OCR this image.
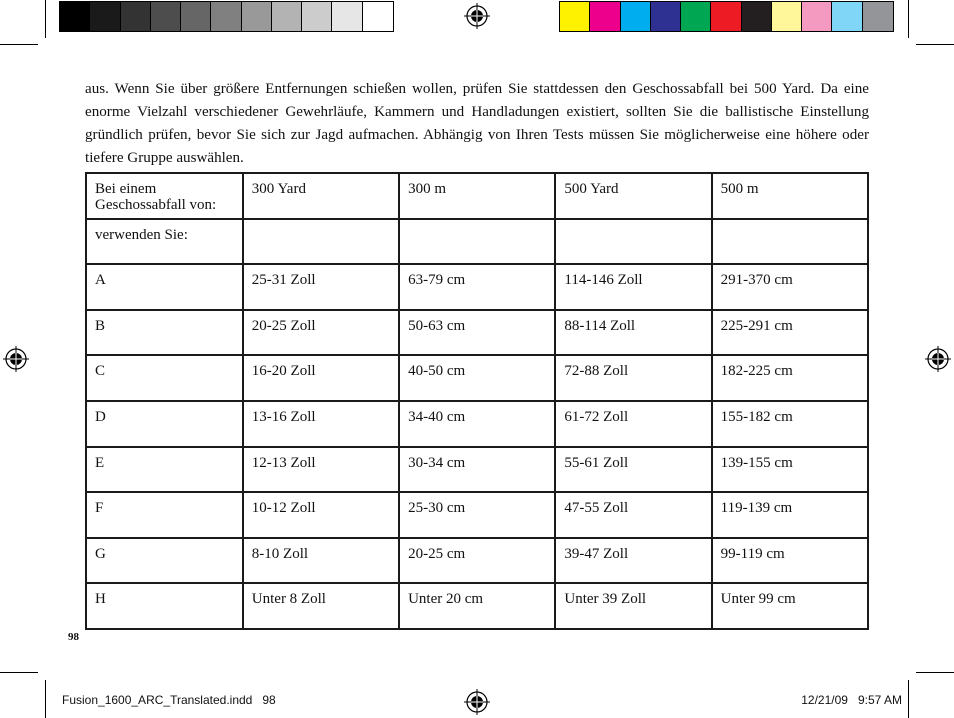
aus. Wenn Sie über größere Entfernungen schießen wollen, prüfen Sie stattdessen den Geschossabfall bei 500 Yard. Da eine enorme Vielzahl verschiedener Gewehrläufe, Kammern und Handladungen existiert, sollten Sie die ballistische Einstellung gründlich prüfen, bevor Sie sich zur Jagd aufmachen. Abhängig von Ihren Tests müssen Sie möglicherweise eine höhere oder tiefere Gruppe auswählen.

Bei einem Geschossabfall von:	300 Yard	300 m	500 Yard	500 m
verwenden Sie:				
A	25-31 Zoll	63-79 cm	114-146 Zoll	291-370 cm
B	20-25 Zoll	50-63 cm	88-114 Zoll	225-291 cm
C	16-20 Zoll	40-50 cm	72-88 Zoll	182-225 cm
D	13-16 Zoll	34-40 cm	61-72 Zoll	155-182 cm
E	12-13 Zoll	30-34 cm	55-61 Zoll	139-155 cm
F	10-12 Zoll	25-30 cm	47-55 Zoll	119-139 cm
G	8-10 Zoll	20-25 cm	39-47 Zoll	99-119 cm
H	Unter 8 Zoll	Unter 20 cm	Unter 39 Zoll	Unter 99 cm
98
Fusion_1600_ARC_Translated.indd   98	12/21/09   9:57 AM
